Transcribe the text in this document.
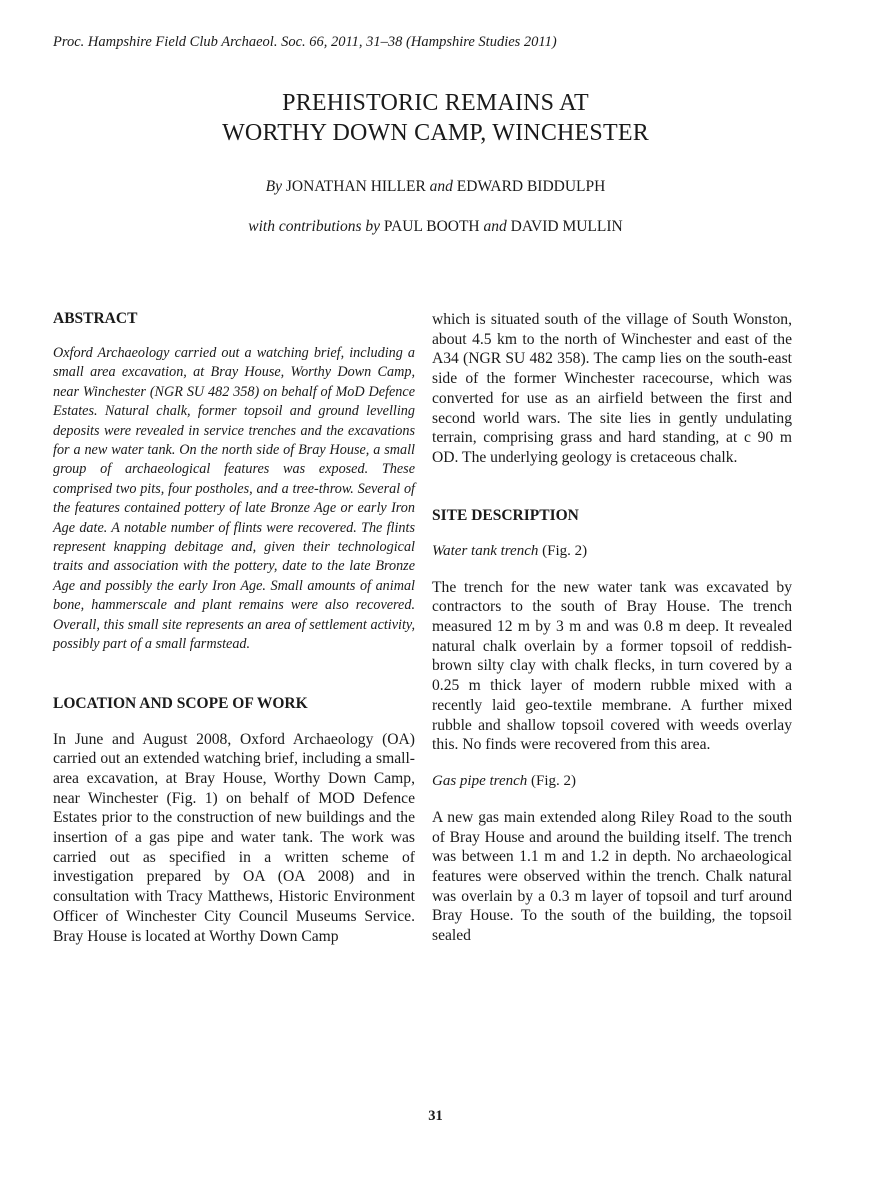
Proc. Hampshire Field Club Archaeol. Soc. 66, 2011, 31–38 (Hampshire Studies 2011)
PREHISTORIC REMAINS AT
WORTHY DOWN CAMP, WINCHESTER
By JONATHAN HILLER and EDWARD BIDDULPH
with contributions by PAUL BOOTH and DAVID MULLIN
ABSTRACT

Oxford Archaeology carried out a watching brief, including a small area excavation, at Bray House, Worthy Down Camp, near Winchester (NGR SU 482 358) on behalf of MoD Defence Estates. Natural chalk, former topsoil and ground levelling deposits were revealed in service trenches and the excavations for a new water tank. On the north side of Bray House, a small group of archaeological features was exposed. These comprised two pits, four postholes, and a tree-throw. Several of the features contained pottery of late Bronze Age or early Iron Age date. A notable number of flints were recovered. The flints represent knapping debitage and, given their technological traits and association with the pottery, date to the late Bronze Age and possibly the early Iron Age. Small amounts of animal bone, hammerscale and plant remains were also recovered. Overall, this small site represents an area of settlement activity, possibly part of a small farmstead.

LOCATION AND SCOPE OF WORK

In June and August 2008, Oxford Archaeology (OA) carried out an extended watching brief, including a small-area excavation, at Bray House, Worthy Down Camp, near Winchester (Fig. 1) on behalf of MOD Defence Estates prior to the construction of new buildings and the insertion of a gas pipe and water tank. The work was carried out as specified in a written scheme of investigation prepared by OA (OA 2008) and in consultation with Tracy Matthews, Historic Environment Officer of Winchester City Council Museums Service. Bray House is located at Worthy Down Camp

which is situated south of the village of South Wonston, about 4.5 km to the north of Winchester and east of the A34 (NGR SU 482 358). The camp lies on the south-east side of the former Winchester racecourse, which was converted for use as an airfield between the first and second world wars. The site lies in gently undulating terrain, comprising grass and hard standing, at c 90 m OD. The underlying geology is cretaceous chalk.

SITE DESCRIPTION
Water tank trench (Fig. 2)

The trench for the new water tank was excavated by contractors to the south of Bray House. The trench measured 12 m by 3 m and was 0.8 m deep. It revealed natural chalk overlain by a former topsoil of reddish-brown silty clay with chalk flecks, in turn covered by a 0.25 m thick layer of modern rubble mixed with a recently laid geo-textile membrane. A further mixed rubble and shallow topsoil covered with weeds overlay this. No finds were recovered from this area.

Gas pipe trench (Fig. 2)

A new gas main extended along Riley Road to the south of Bray House and around the building itself. The trench was between 1.1 m and 1.2 in depth. No archaeological features were observed within the trench. Chalk natural was overlain by a 0.3 m layer of topsoil and turf around Bray House. To the south of the building, the topsoil sealed

31
